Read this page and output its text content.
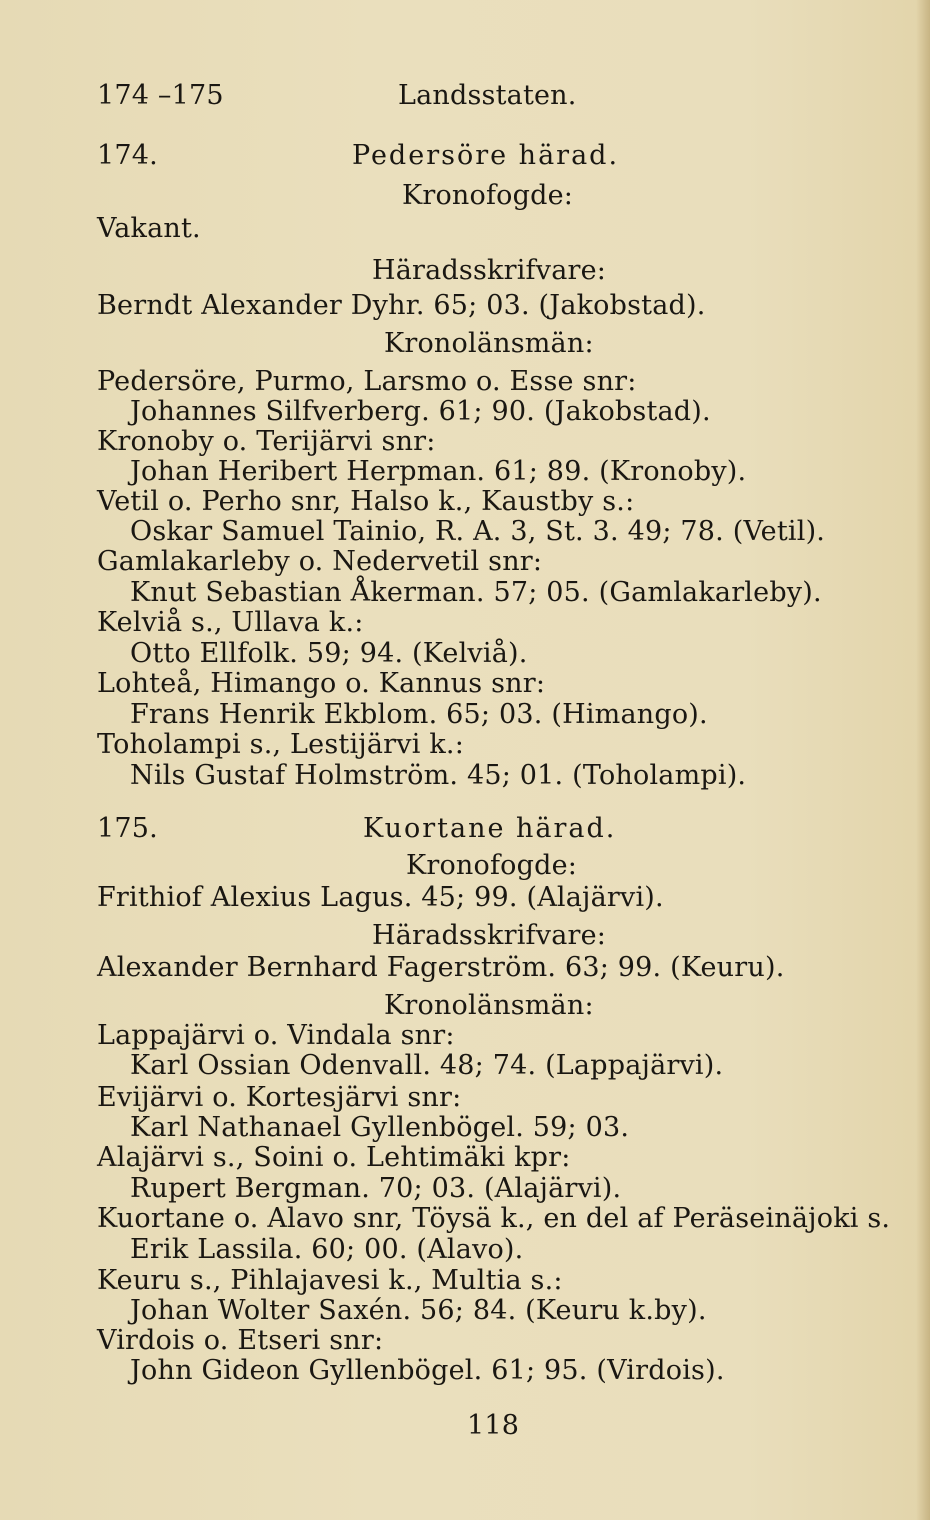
174 –175	Landsstaten.
174.	Pedersöre härad.
Kronofogde:
Vakant.
Häradsskrifvare:
Berndt Alexander Dyhr. 65; 03. (Jakobstad).
Kronolänsmän:
Pedersöre, Purmo, Larsmo o. Esse snr:
Johannes Silfverberg. 61; 90. (Jakobstad).
Kronoby o. Terijärvi snr:
Johan Heribert Herpman. 61; 89. (Kronoby).
Vetil o. Perho snr, Halso k., Kaustby s.:
Oskar Samuel Tainio, R. A. 3, St. 3. 49; 78. (Vetil).
Gamlakarleby o. Nedervetil snr:
Knut Sebastian Åkerman. 57; 05. (Gamlakarleby).
Kelviå s., Ullava k.:
Otto Ellfolk. 59; 94. (Kelviå).
Lohteå, Himango o. Kannus snr:
Frans Henrik Ekblom. 65; 03. (Himango).
Toholampi s., Lestijärvi k.:
Nils Gustaf Holmström. 45; 01. (Toholampi).
175.	Kuortane härad.
Kronofogde:
Frithiof Alexius Lagus. 45; 99. (Alajärvi).
Häradsskrifvare:
Alexander Bernhard Fagerström. 63; 99. (Keuru).
Kronolänsmän:
Lappajärvi o. Vindala snr:
Karl Ossian Odenvall. 48; 74. (Lappajärvi).
Evijärvi o. Kortesjärvi snr:
Karl Nathanael Gyllenbögel. 59; 03.
Alajärvi s., Soini o. Lehtimäki kpr:
Rupert Bergman. 70; 03. (Alajärvi).
Kuortane o. Alavo snr, Töysä k., en del af Peräseinäjoki s.
Erik Lassila. 60; 00. (Alavo).
Keuru s., Pihlajavesi k., Multia s.:
Johan Wolter Saxén. 56; 84. (Keuru k.by).
Virdois o. Etseri snr:
John Gideon Gyllenbögel. 61; 95. (Virdois).
118
